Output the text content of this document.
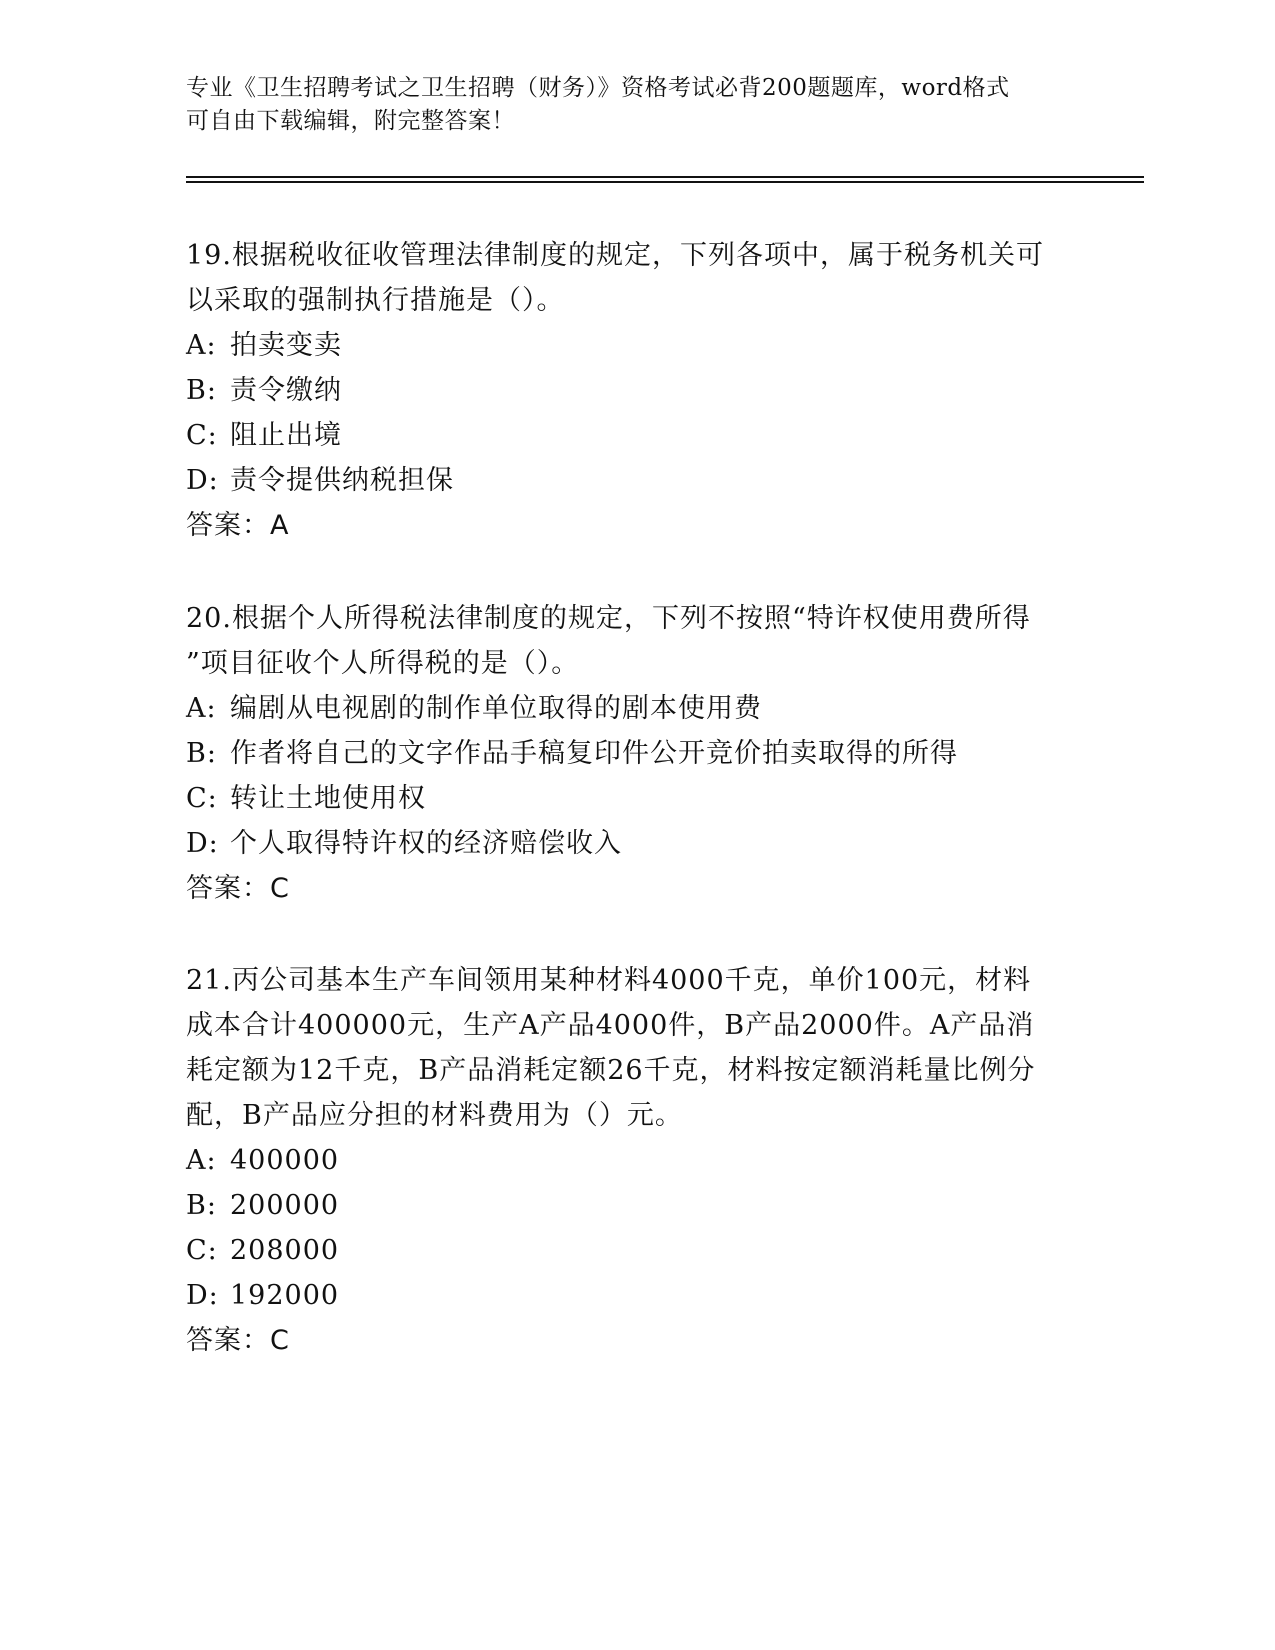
专业《卫生招聘考试之卫生招聘（财务）》资格考试必背200题题库，word格式
可自由下载编辑，附完整答案！
19.根据税收征收管理法律制度的规定，下列各项中，属于税务机关可
以采取的强制执行措施是（）。
A: 拍卖变卖
B: 责令缴纳
C: 阻止出境
D: 责令提供纳税担保
答案：A
20.根据个人所得税法律制度的规定，下列不按照“特许权使用费所得
”项目征收个人所得税的是（）。
A: 编剧从电视剧的制作单位取得的剧本使用费
B: 作者将自己的文字作品手稿复印件公开竞价拍卖取得的所得
C: 转让土地使用权
D: 个人取得特许权的经济赔偿收入
答案：C
21.丙公司基本生产车间领用某种材料4000千克，单价100元，材料
成本合计400000元，生产A产品4000件，B产品2000件。A产品消
耗定额为12千克，B产品消耗定额26千克，材料按定额消耗量比例分
配，B产品应分担的材料费用为（）元。
A: 400000
B: 200000
C: 208000
D: 192000
答案：C
